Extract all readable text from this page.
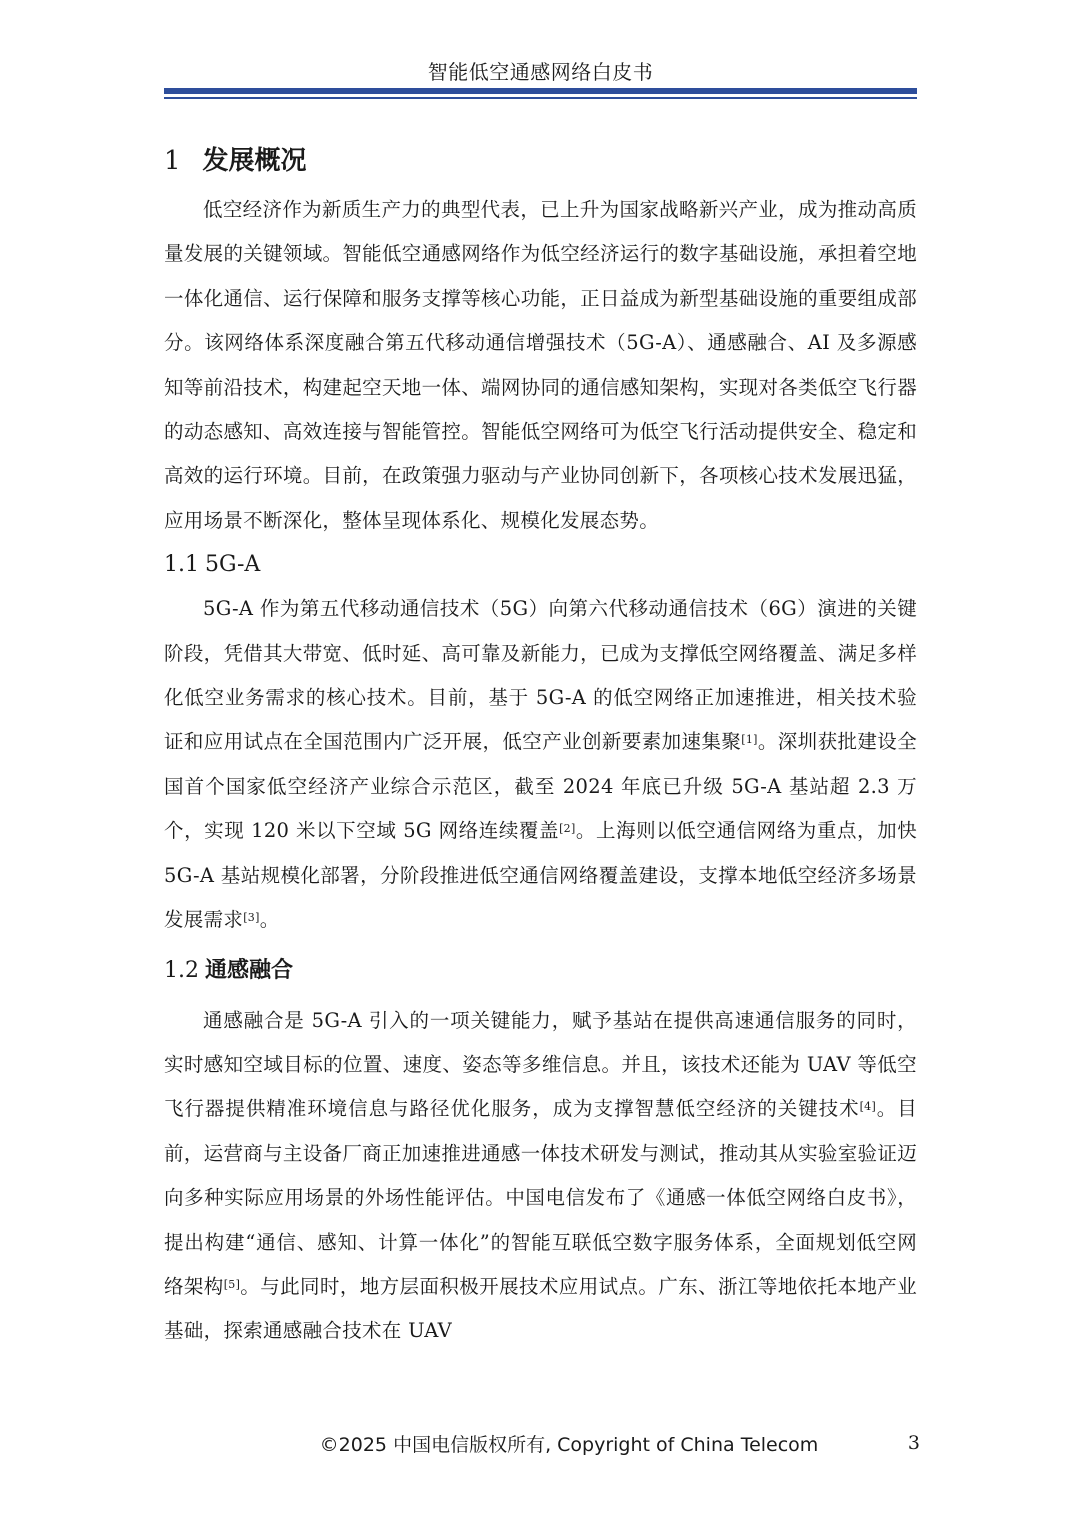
智能低空通感网络白皮书
1 发展概况

低空经济作为新质生产力的典型代表，已上升为国家战略新兴产业，成为推动高质量发展的关键领域。智能低空通感网络作为低空经济运行的数字基础设施，承担着空地一体化通信、运行保障和服务支撑等核心功能，正日益成为新型基础设施的重要组成部分。该网络体系深度融合第五代移动通信增强技术（5G-A）、通感融合、AI 及多源感知等前沿技术，构建起空天地一体、端网协同的通信感知架构，实现对各类低空飞行器的动态感知、高效连接与智能管控。智能低空网络可为低空飞行活动提供安全、稳定和高效的运行环境。目前，在政策强力驱动与产业协同创新下，各项核心技术发展迅猛，应用场景不断深化，整体呈现体系化、规模化发展态势。

1.1 5G-A

5G-A 作为第五代移动通信技术（5G）向第六代移动通信技术（6G）演进的关键阶段，凭借其大带宽、低时延、高可靠及新能力，已成为支撑低空网络覆盖、满足多样化低空业务需求的核心技术。目前，基于 5G-A 的低空网络正加速推进，相关技术验证和应用试点在全国范围内广泛开展，低空产业创新要素加速集聚[1]。深圳获批建设全国首个国家低空经济产业综合示范区，截至 2024 年底已升级 5G-A 基站超 2.3 万个，实现 120 米以下空域 5G 网络连续覆盖[2]。上海则以低空通信网络为重点，加快 5G-A 基站规模化部署，分阶段推进低空通信网络覆盖建设，支撑本地低空经济多场景发展需求[3]。

1.2 通感融合

通感融合是 5G-A 引入的一项关键能力，赋予基站在提供高速通信服务的同时，实时感知空域目标的位置、速度、姿态等多维信息。并且，该技术还能为 UAV 等低空飞行器提供精准环境信息与路径优化服务，成为支撑智慧低空经济的关键技术[4]。目前，运营商与主设备厂商正加速推进通感一体技术研发与测试，推动其从实验室验证迈向多种实际应用场景的外场性能评估。中国电信发布了《通感一体低空网络白皮书》，提出构建“通信、感知、计算一体化”的智能互联低空数字服务体系，全面规划低空网络架构[5]。与此同时，地方层面积极开展技术应用试点。广东、浙江等地依托本地产业基础，探索通感融合技术在 UAV

©2025 中国电信版权所有, Copyright of China Telecom	3
